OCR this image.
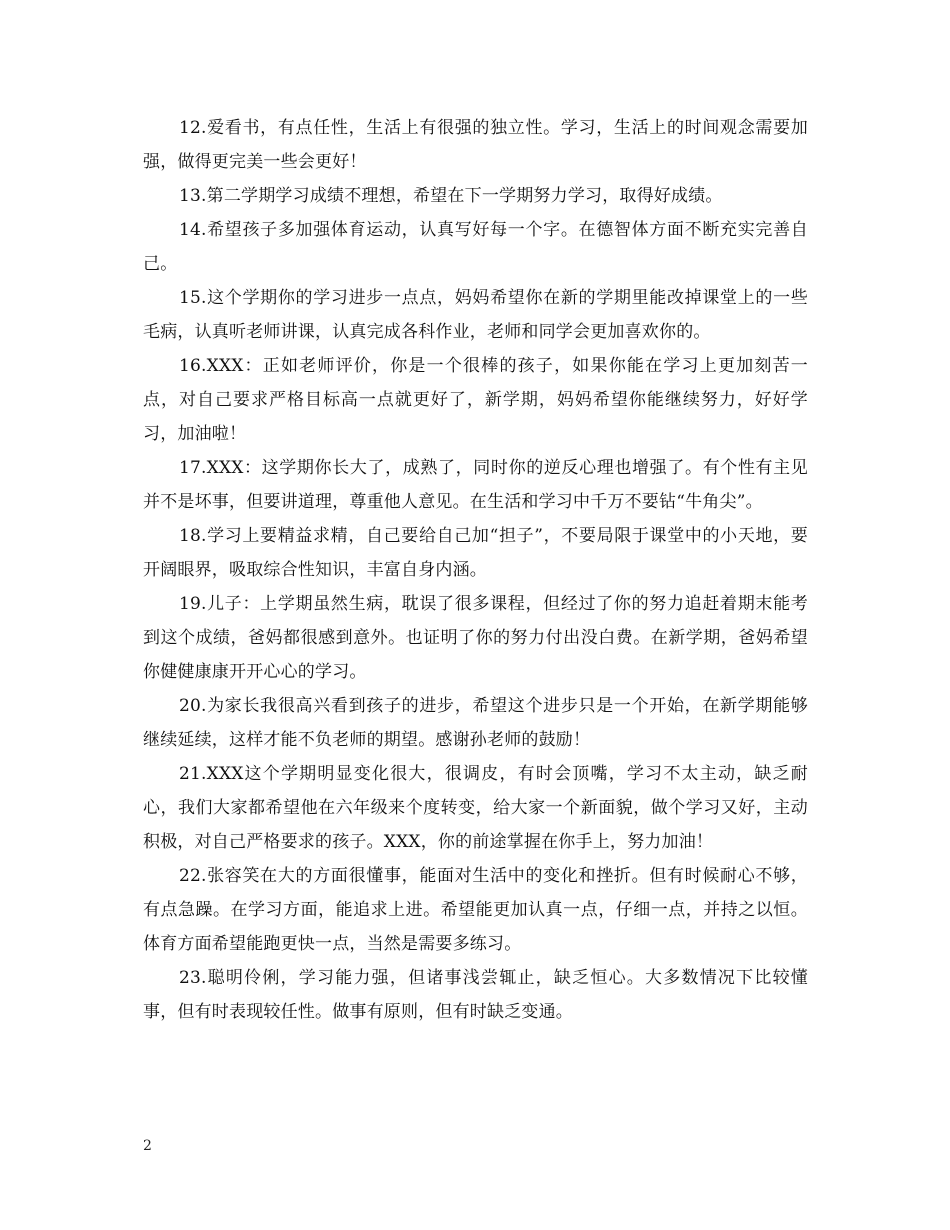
12.爱看书，有点任性，生活上有很强的独立性。学习，生活上的时间观念需要加强，做得更完美一些会更好！

13.第二学期学习成绩不理想，希望在下一学期努力学习，取得好成绩。

14.希望孩子多加强体育运动，认真写好每一个字。在德智体方面不断充实完善自己。

15.这个学期你的学习进步一点点，妈妈希望你在新的学期里能改掉课堂上的一些毛病，认真听老师讲课，认真完成各科作业，老师和同学会更加喜欢你的。

16.XXX：正如老师评价，你是一个很棒的孩子，如果你能在学习上更加刻苦一点，对自己要求严格目标高一点就更好了，新学期，妈妈希望你能继续努力，好好学习，加油啦！

17.XXX：这学期你长大了，成熟了，同时你的逆反心理也增强了。有个性有主见并不是坏事，但要讲道理，尊重他人意见。在生活和学习中千万不要钻“牛角尖”。

18.学习上要精益求精，自己要给自己加“担子”，不要局限于课堂中的小天地，要开阔眼界，吸取综合性知识，丰富自身内涵。

19.儿子：上学期虽然生病，耽误了很多课程，但经过了你的努力追赶着期末能考到这个成绩，爸妈都很感到意外。也证明了你的努力付出没白费。在新学期，爸妈希望你健健康康开开心心的学习。

20.为家长我很高兴看到孩子的进步，希望这个进步只是一个开始，在新学期能够继续延续，这样才能不负老师的期望。感谢孙老师的鼓励！

21.XXX这个学期明显变化很大，很调皮，有时会顶嘴，学习不太主动，缺乏耐心，我们大家都希望他在六年级来个度转变，给大家一个新面貌，做个学习又好，主动积极，对自己严格要求的孩子。XXX，你的前途掌握在你手上，努力加油！

22.张容笑在大的方面很懂事，能面对生活中的变化和挫折。但有时候耐心不够，有点急躁。在学习方面，能追求上进。希望能更加认真一点，仔细一点，并持之以恒。体育方面希望能跑更快一点，当然是需要多练习。

23.聪明伶俐，学习能力强，但诸事浅尝辄止，缺乏恒心。大多数情况下比较懂事，但有时表现较任性。做事有原则，但有时缺乏变通。

2
